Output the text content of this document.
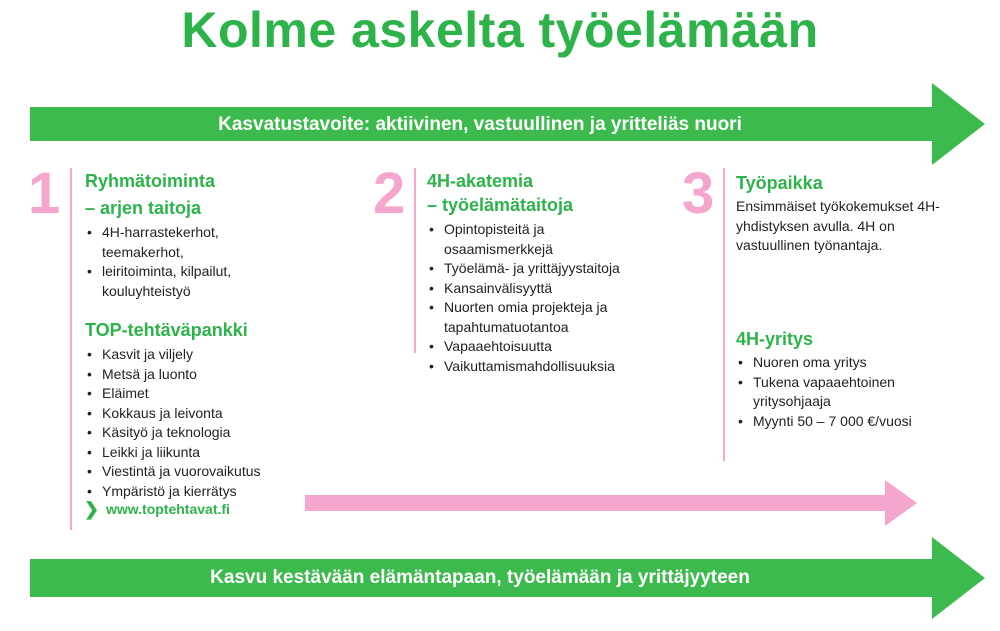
Kolme askelta työelämään
Kasvatustavoite: aktiivinen, vastuullinen ja yritteliäs nuori
1 Ryhmätoiminta
– arjen taitoja
• 4H-harrastekerhot, teemakerhot,
• leiritoiminta, kilpailut, kouluyhteistyö
TOP-tehtäväpankki
• Kasvit ja viljely
• Metsä ja luonto
• Eläimet
• Kokkaus ja leivonta
• Käsityö ja teknologia
• Leikki ja liikunta
• Viestintä ja vuorovaikutus
• Ympäristö ja kierrätys
❯ www.toptehtavat.fi
2 4H-akatemia
– työelämätaitoja
• Opintopisteitä ja osaamismerkkejä
• Työelämä- ja yrittäjyystaitoja
• Kansainvälisyyttä
• Nuorten omia projekteja ja tapahtumatuotantoa
• Vapaaehtoisuutta
• Vaikuttamismahdollisuuksia
3 Työpaikka
Ensimmäiset työkokemukset 4H-yhdistyksen avulla. 4H on vastuullinen työnantaja.
4H-yritys
• Nuoren oma yritys
• Tukena vapaaehtoinen yritysohjaaja
• Myynti 50 – 7 000 €/vuosi
Kasvu kestävään elämäntapaan, työelämään ja yrittäjyyteen
